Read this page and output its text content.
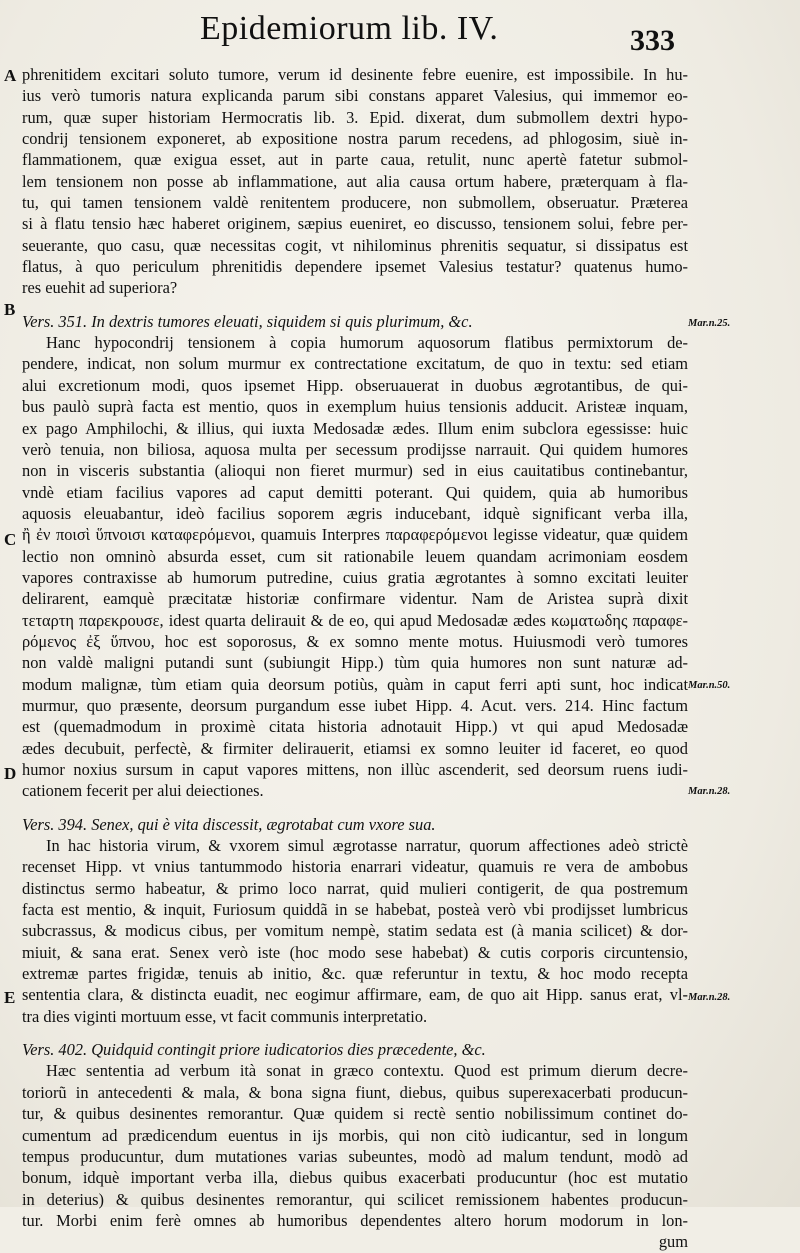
Epidemiorum lib. IV.	333
A
B
C
D
E
Mar.n.25.
Mar.n.50.
Mar.n.28.
Mar.n.28.
phrenitidem excitari soluto tumore, verum id desinente febre euenire, est impossibile. In hu-
ius verò tumoris natura explicanda parum sibi constans apparet Valesius, qui immemor eo-
rum, quæ super historiam Hermocratis lib. 3. Epid. dixerat, dum submollem dextri hypo-
condrij tensionem exponeret, ab expositione nostra parum recedens, ad phlogosim, siuè in-
flammationem, quæ exigua esset, aut in parte caua, retulit, nunc apertè fatetur submol-
lem tensionem non posse ab inflammatione, aut alia causa ortum habere, præterquam à fla-
tu, qui tamen tensionem valdè renitentem producere, non submollem, obseruatur. Præterea
si à flatu tensio hæc haberet originem, sæpius eueniret, eo discusso, tensionem solui, febre per-
seuerante, quo casu, quæ necessitas cogit, vt nihilominus phrenitis sequatur, si dissipatus est
flatus, à quo periculum phrenitidis dependere ipsemet Valesius testatur? quatenus humo-
res euehit ad superiora?
Vers. 351. In dextris tumores eleuati, siquidem si quis plurimum, &c.
Hanc hypocondrij tensionem à copia humorum aquosorum flatibus permixtorum de-
pendere, indicat, non solum murmur ex contrectatione excitatum, de quo in textu: sed etiam
alui excretionum modi, quos ipsemet Hipp. obseruauerat in duobus ægrotantibus, de qui-
bus paulò suprà facta est mentio, quos in exemplum huius tensionis adducit. Aristeæ inquam,
ex pago Amphilochi, & illius, qui iuxta Medosadæ ædes. Illum enim subclora egessisse: huic
verò tenuia, non biliosa, aquosa multa per secessum prodijsse narrauit. Qui quidem humores
non in visceris substantia (alioqui non fieret murmur) sed in eius cauitatibus continebantur,
vndè etiam facilius vapores ad caput demitti poterant. Qui quidem, quia ab humoribus
aquosis eleuabantur, ideò facilius soporem ægris inducebant, idquè significant verba illa,
ἢ ἐν ποισὶ ὕπνοισι καταφερόμενοι, quamuis Interpres παραφερόμενοι legisse videatur, quæ quidem
lectio non omninò absurda esset, cum sit rationabile leuem quandam acrimoniam eosdem
vapores contraxisse ab humorum putredine, cuius gratia ægrotantes à somno excitati leuiter
delirarent, eamquè præcitatæ historiæ confirmare videntur. Nam de Aristea suprà dixit
τεταρτη παρεκρουσε, idest quarta delirauit & de eo, qui apud Medosadæ ædes κωματωδης παραφε-
ρόμενος ἐξ ὕπνου, hoc est soporosus, & ex somno mente motus. Huiusmodi verò tumores
non valdè maligni putandi sunt (subiungit Hipp.) tùm quia humores non sunt naturæ ad-
modum malignæ, tùm etiam quia deorsum potiùs, quàm in caput ferri apti sunt, hoc indicat
murmur, quo præsente, deorsum purgandum esse iubet Hipp. 4. Acut. vers. 214. Hinc factum
est (quemadmodum in proximè citata historia adnotauit Hipp.) vt qui apud Medosadæ
ædes decubuit, perfectè, & firmiter delirauerit, etiamsi ex somno leuiter id faceret, eo quod
humor noxius sursum in caput vapores mittens, non illùc ascenderit, sed deorsum ruens iudi-
cationem fecerit per alui deiectiones.
Vers. 394. Senex, qui è vita discessit, ægrotabat cum vxore sua.
In hac historia virum, & vxorem simul ægrotasse narratur, quorum affectiones adeò strictè
recenset Hipp. vt vnius tantummodo historia enarrari videatur, quamuis re vera de ambobus
distinctus sermo habeatur, & primo loco narrat, quid mulieri contigerit, de qua postremum
facta est mentio, & inquit, Furiosum quiddã in se habebat, posteà verò vbi prodijsset lumbricus
subcrassus, & modicus cibus, per vomitum nempè, statim sedata est (à mania scilicet) & dor-
miuit, & sana erat. Senex verò iste (hoc modo sese habebat) & cutis corporis circuntensio,
extremæ partes frigidæ, tenuis ab initio, &c. quæ referuntur in textu, & hoc modo recepta
sententia clara, & distincta euadit, nec eogimur affirmare, eam, de quo ait Hipp. sanus erat, vl-
tra dies viginti mortuum esse, vt facit communis interpretatio.
Vers. 402. Quidquid contingit priore iudicatorios dies præcedente, &c.
Hæc sententia ad verbum ità sonat in græco contextu. Quod est primum dierum decre-
toriorũ in antecedenti & mala, & bona signa fiunt, diebus, quibus superexacerbati producun-
tur, & quibus desinentes remorantur. Quæ quidem si rectè sentio nobilissimum continet do-
cumentum ad prædicendum euentus in ijs morbis, qui non citò iudicantur, sed in longum
tempus producuntur, dum mutationes varias subeuntes, modò ad malum tendunt, modò ad
bonum, idquè important verba illa, diebus quibus exacerbati producuntur (hoc est mutatio
in deterius) & quibus desinentes remorantur, qui scilicet remissionem habentes producun-
tur. Morbi enim ferè omnes ab humoribus dependentes altero horum modorum in lon-
gum
